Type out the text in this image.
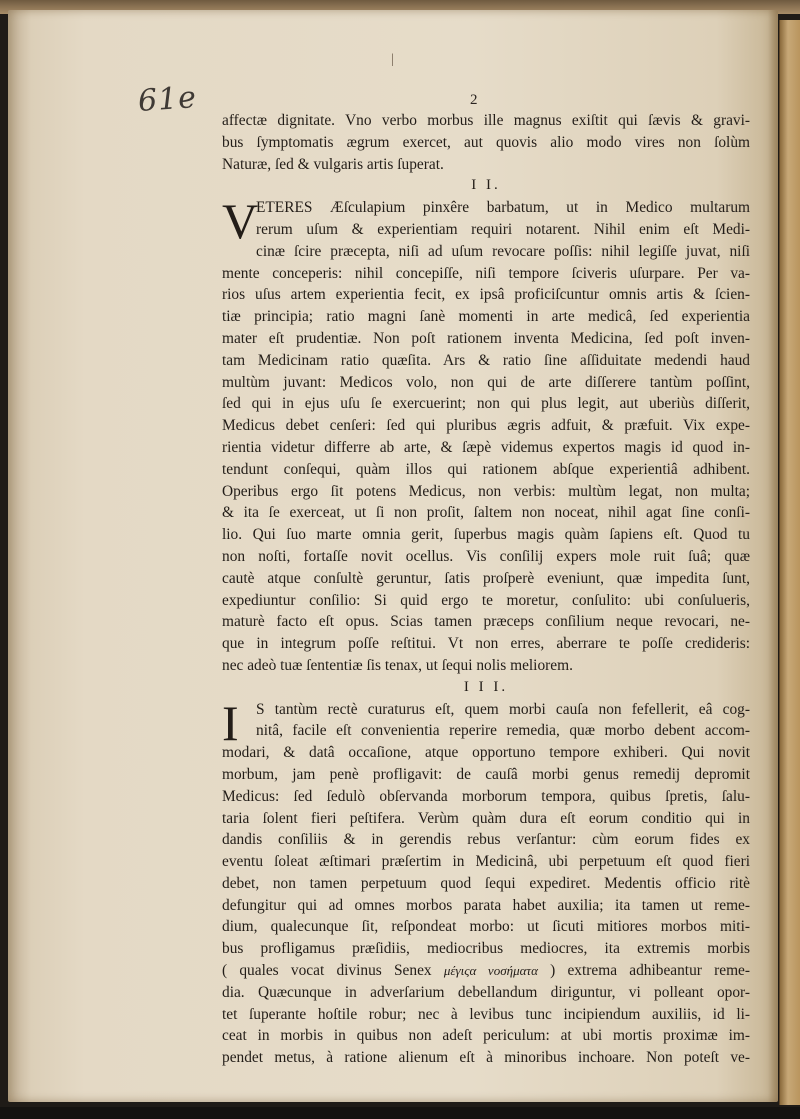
61e
|
2
affectæ dignitate. Vno verbo morbus ille magnus exiſtit qui ſævis & gravi-
bus ſymptomatis ægrum exercet, aut quovis alio modo vires non ſolùm
Naturæ, ſed & vulgaris artis ſuperat.
I I.
V
ETERES Æſculapium pinxêre barbatum, ut in Medico multarum
rerum uſum & experientiam requiri notarent. Nihil enim eſt Medi-
cinæ ſcire præcepta, niſi ad uſum revocare poſſis: nihil legiſſe juvat, niſi
mente conceperis: nihil concepiſſe, niſi tempore ſciveris uſurpare. Per va-
rios uſus artem experientia fecit, ex ipsâ proficiſcuntur omnis artis & ſcien-
tiæ principia; ratio magni ſanè momenti in arte medicâ, ſed experientia
mater eſt prudentiæ. Non poſt rationem inventa Medicina, ſed poſt inven-
tam Medicinam ratio quæſita. Ars & ratio ſine aſſiduitate medendi haud
multùm juvant: Medicos volo, non qui de arte diſſerere tantùm poſſint,
ſed qui in ejus uſu ſe exercuerint; non qui plus legit, aut uberiùs diſſerit,
Medicus debet cenſeri: ſed qui pluribus ægris adfuit, & præfuit. Vix expe-
rientia videtur differre ab arte, & ſæpè videmus expertos magis id quod in-
tendunt conſequi, quàm illos qui rationem abſque experientiâ adhibent.
Operibus ergo ſit potens Medicus, non verbis: multùm legat, non multa;
& ita ſe exerceat, ut ſi non proſit, ſaltem non noceat, nihil agat ſine conſi-
lio. Qui ſuo marte omnia gerit, ſuperbus magis quàm ſapiens eſt. Quod tu
non noſti, fortaſſe novit ocellus. Vis conſilij expers mole ruit ſuâ; quæ
cautè atque conſultè geruntur, ſatis proſperè eveniunt, quæ impedita ſunt,
expediuntur conſilio: Si quid ergo te moretur, conſulito: ubi conſulueris,
maturè facto eſt opus. Scias tamen præceps conſilium neque revocari, ne-
que in integrum poſſe reſtitui. Vt non erres, aberrare te poſſe credideris:
nec adeò tuæ ſententiæ ſis tenax, ut ſequi nolis meliorem.
I I I.
I	S tantùm rectè curaturus eſt, quem morbi cauſa non fefellerit, eâ cog-
nitâ, facile eſt convenientia reperire remedia, quæ morbo debent accom-
modari, & datâ occaſione, atque opportuno tempore exhiberi. Qui novit
morbum, jam penè profligavit: de cauſâ morbi genus remedij depromit
Medicus: ſed ſedulò obſervanda morborum tempora, quibus ſpretis, ſalu-
taria ſolent fieri peſtifera. Verùm quàm dura eſt eorum conditio qui in
dandis conſiliis & in gerendis rebus verſantur: cùm eorum fides ex
eventu ſoleat æſtimari præſertim in Medicinâ, ubi perpetuum eſt quod fieri
debet, non tamen perpetuum quod ſequi expediret. Medentis officio ritè
defungitur qui ad omnes morbos parata habet auxilia; ita tamen ut reme-
dium, qualecunque ſit, reſpondeat morbo: ut ſicuti mitiores morbos miti-
bus profligamus præſidiis, mediocribus mediocres, ita extremis morbis
( quales vocat divinus Senex μέγιςα νοσήματα ) extrema adhibeantur reme-
dia. Quæcunque in adverſarium debellandum diriguntur, vi polleant opor-
tet ſuperante hoſtile robur; nec à levibus tunc incipiendum auxiliis, id li-
ceat in morbis in quibus non adeſt periculum: at ubi mortis proximæ im-
pendet metus, à ratione alienum eſt à minoribus inchoare. Non poteſt ve-
